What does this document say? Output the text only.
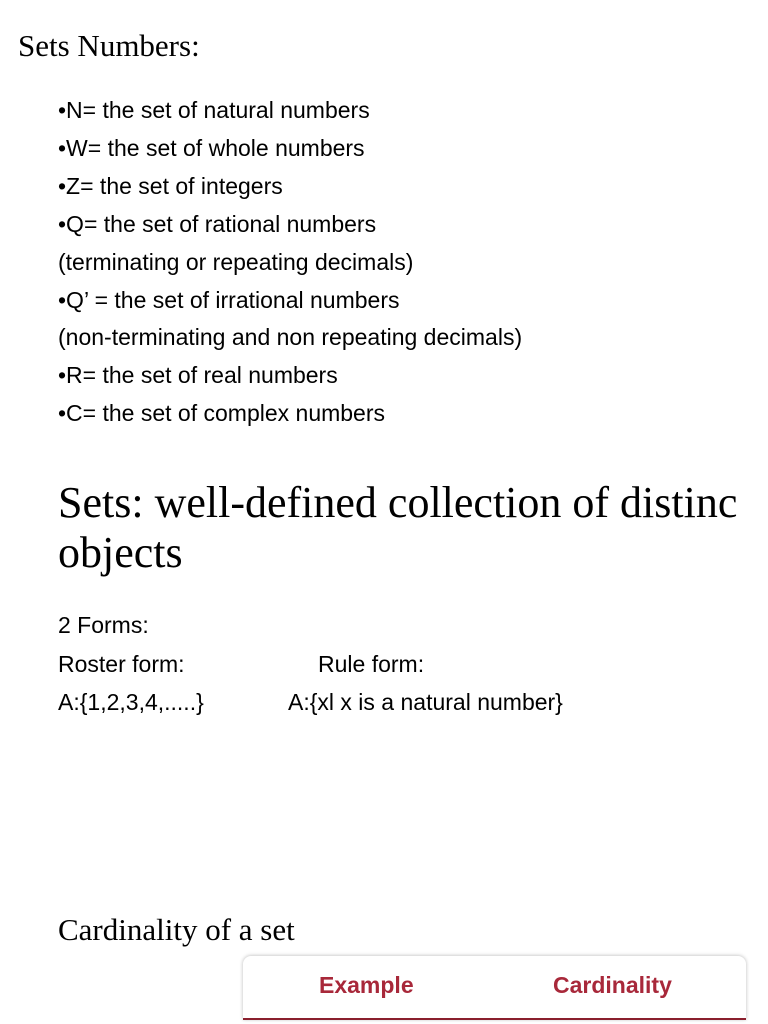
Sets Numbers:
•N= the set of natural numbers
•W= the set of whole numbers
•Z= the set of integers
•Q= the set of rational numbers
(terminating or repeating decimals)
•Q’ = the set of irrational numbers
(non-terminating and non repeating decimals)
•R= the set of real numbers
•C= the set of complex numbers
Sets: well-defined collection of distinc objects

2 Forms:

Roster form:	Rule form:

A:{1,2,3,4,.....}	A:{xl x is a natural number}

Cardinality of a set
Example	Cardinality
